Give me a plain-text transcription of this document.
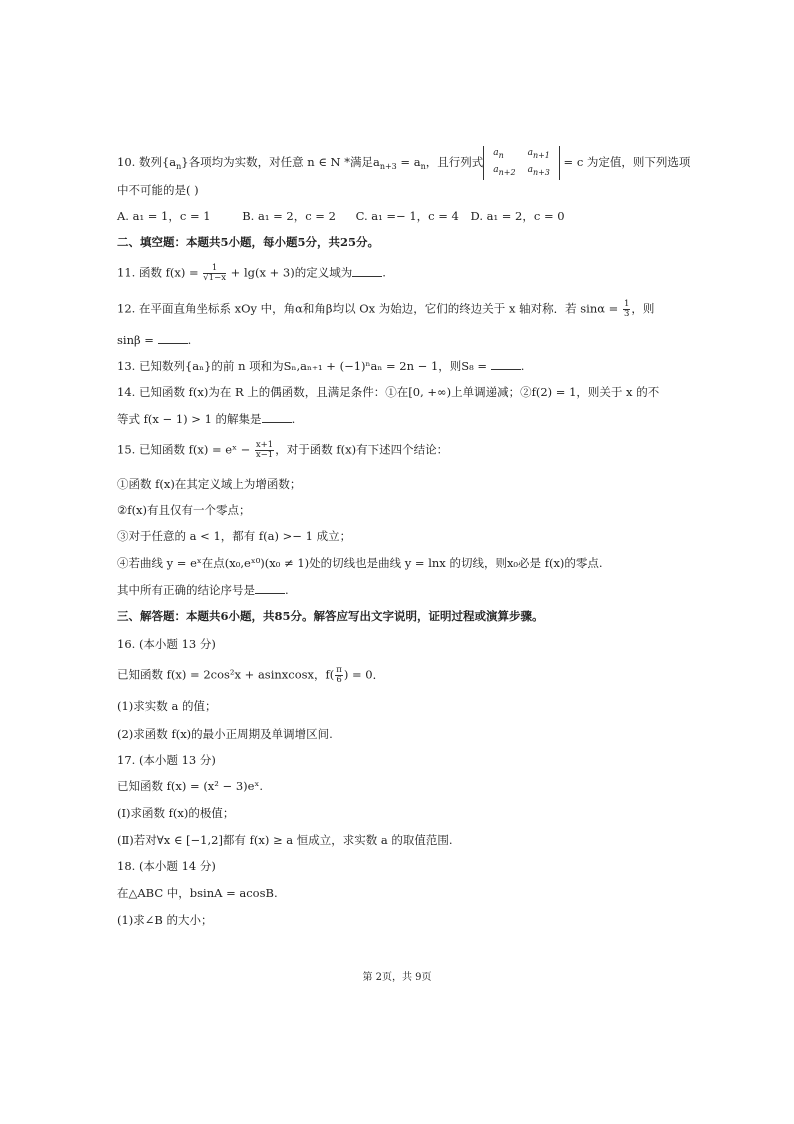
10. 数列$\{a_n\}$各项均为实数，对任意 n ∈ N *满足$a_{n+3} = a_n$，且行列式
$a_n$	$a_{n+1}$
$a_{n+2}$	$a_{n+3}$
= c 为定值，则下列选项
中不可能的是( )
A. a₁ = 1，c = 1	B. a₁ = 2，c = 2 C. a₁ =− 1，c = 4 D. a₁ = 2，c = 0
二、填空题：本题共5小题，每小题5分，共25分。
11. 函数 $f(x) = \frac{1}{√1-x} + \lg(x + 3)$的定义域为	.
12. 在平面直角坐标系 xOy 中，角α和角β均以 Ox 为始边，它们的终边关于 x 轴对称．若 $\sin\alpha = \frac{1}{3}$ ，则
sinβ =	.
13. 已知数列{aₙ}的前 n 项和为Sₙ,aₙ₊₁ + (−1)ⁿaₙ = 2n − 1，则S₈ =	.
14. 已知函数 f(x)为在 R 上的偶函数，且满足条件：①在[0, +∞)上单调递减；②f(2) = 1，则关于 x 的不
等式 f(x − 1) > 1 的解集是	.
15. 已知函数 f(x) = eˣ − $\frac{x+1}{x-1}$ ，对于函数 f(x)有下述四个结论：
①函数 f(x)在其定义域上为增函数；
②f(x)有且仅有一个零点；
③对于任意的 a < 1，都有 f(a) >− 1 成立；
④若曲线 y = eˣ在点(x₀,eˣ⁰)(x₀ ≠ 1)处的切线也是曲线 y = lnx 的切线，则x₀必是 f(x)的零点.
其中所有正确的结论序号是	.
三、解答题：本题共6小题，共85分。解答应写出文字说明，证明过程或演算步骤。
16. (本小题 13 分)
已知函数 f(x) = 2cos²x + asinxcosx，$f( \frac{\pi}{6}$ ) = 0．
(1)求实数 a 的值；
(2)求函数 f(x)的最小正周期及单调增区间.
17. (本小题 13 分)
已知函数 f(x) = (x² − 3)eˣ.
(Ⅰ)求函数 f(x)的极值；
(Ⅱ)若对∀x ∈ [−1,2]都有 f(x) ≥ a 恒成立，求实数 a 的取值范围.
18. (本小题 14 分)
在△ABC 中，bsinA = acosB.
(1)求∠B 的大小；
第 2页，共 9页
